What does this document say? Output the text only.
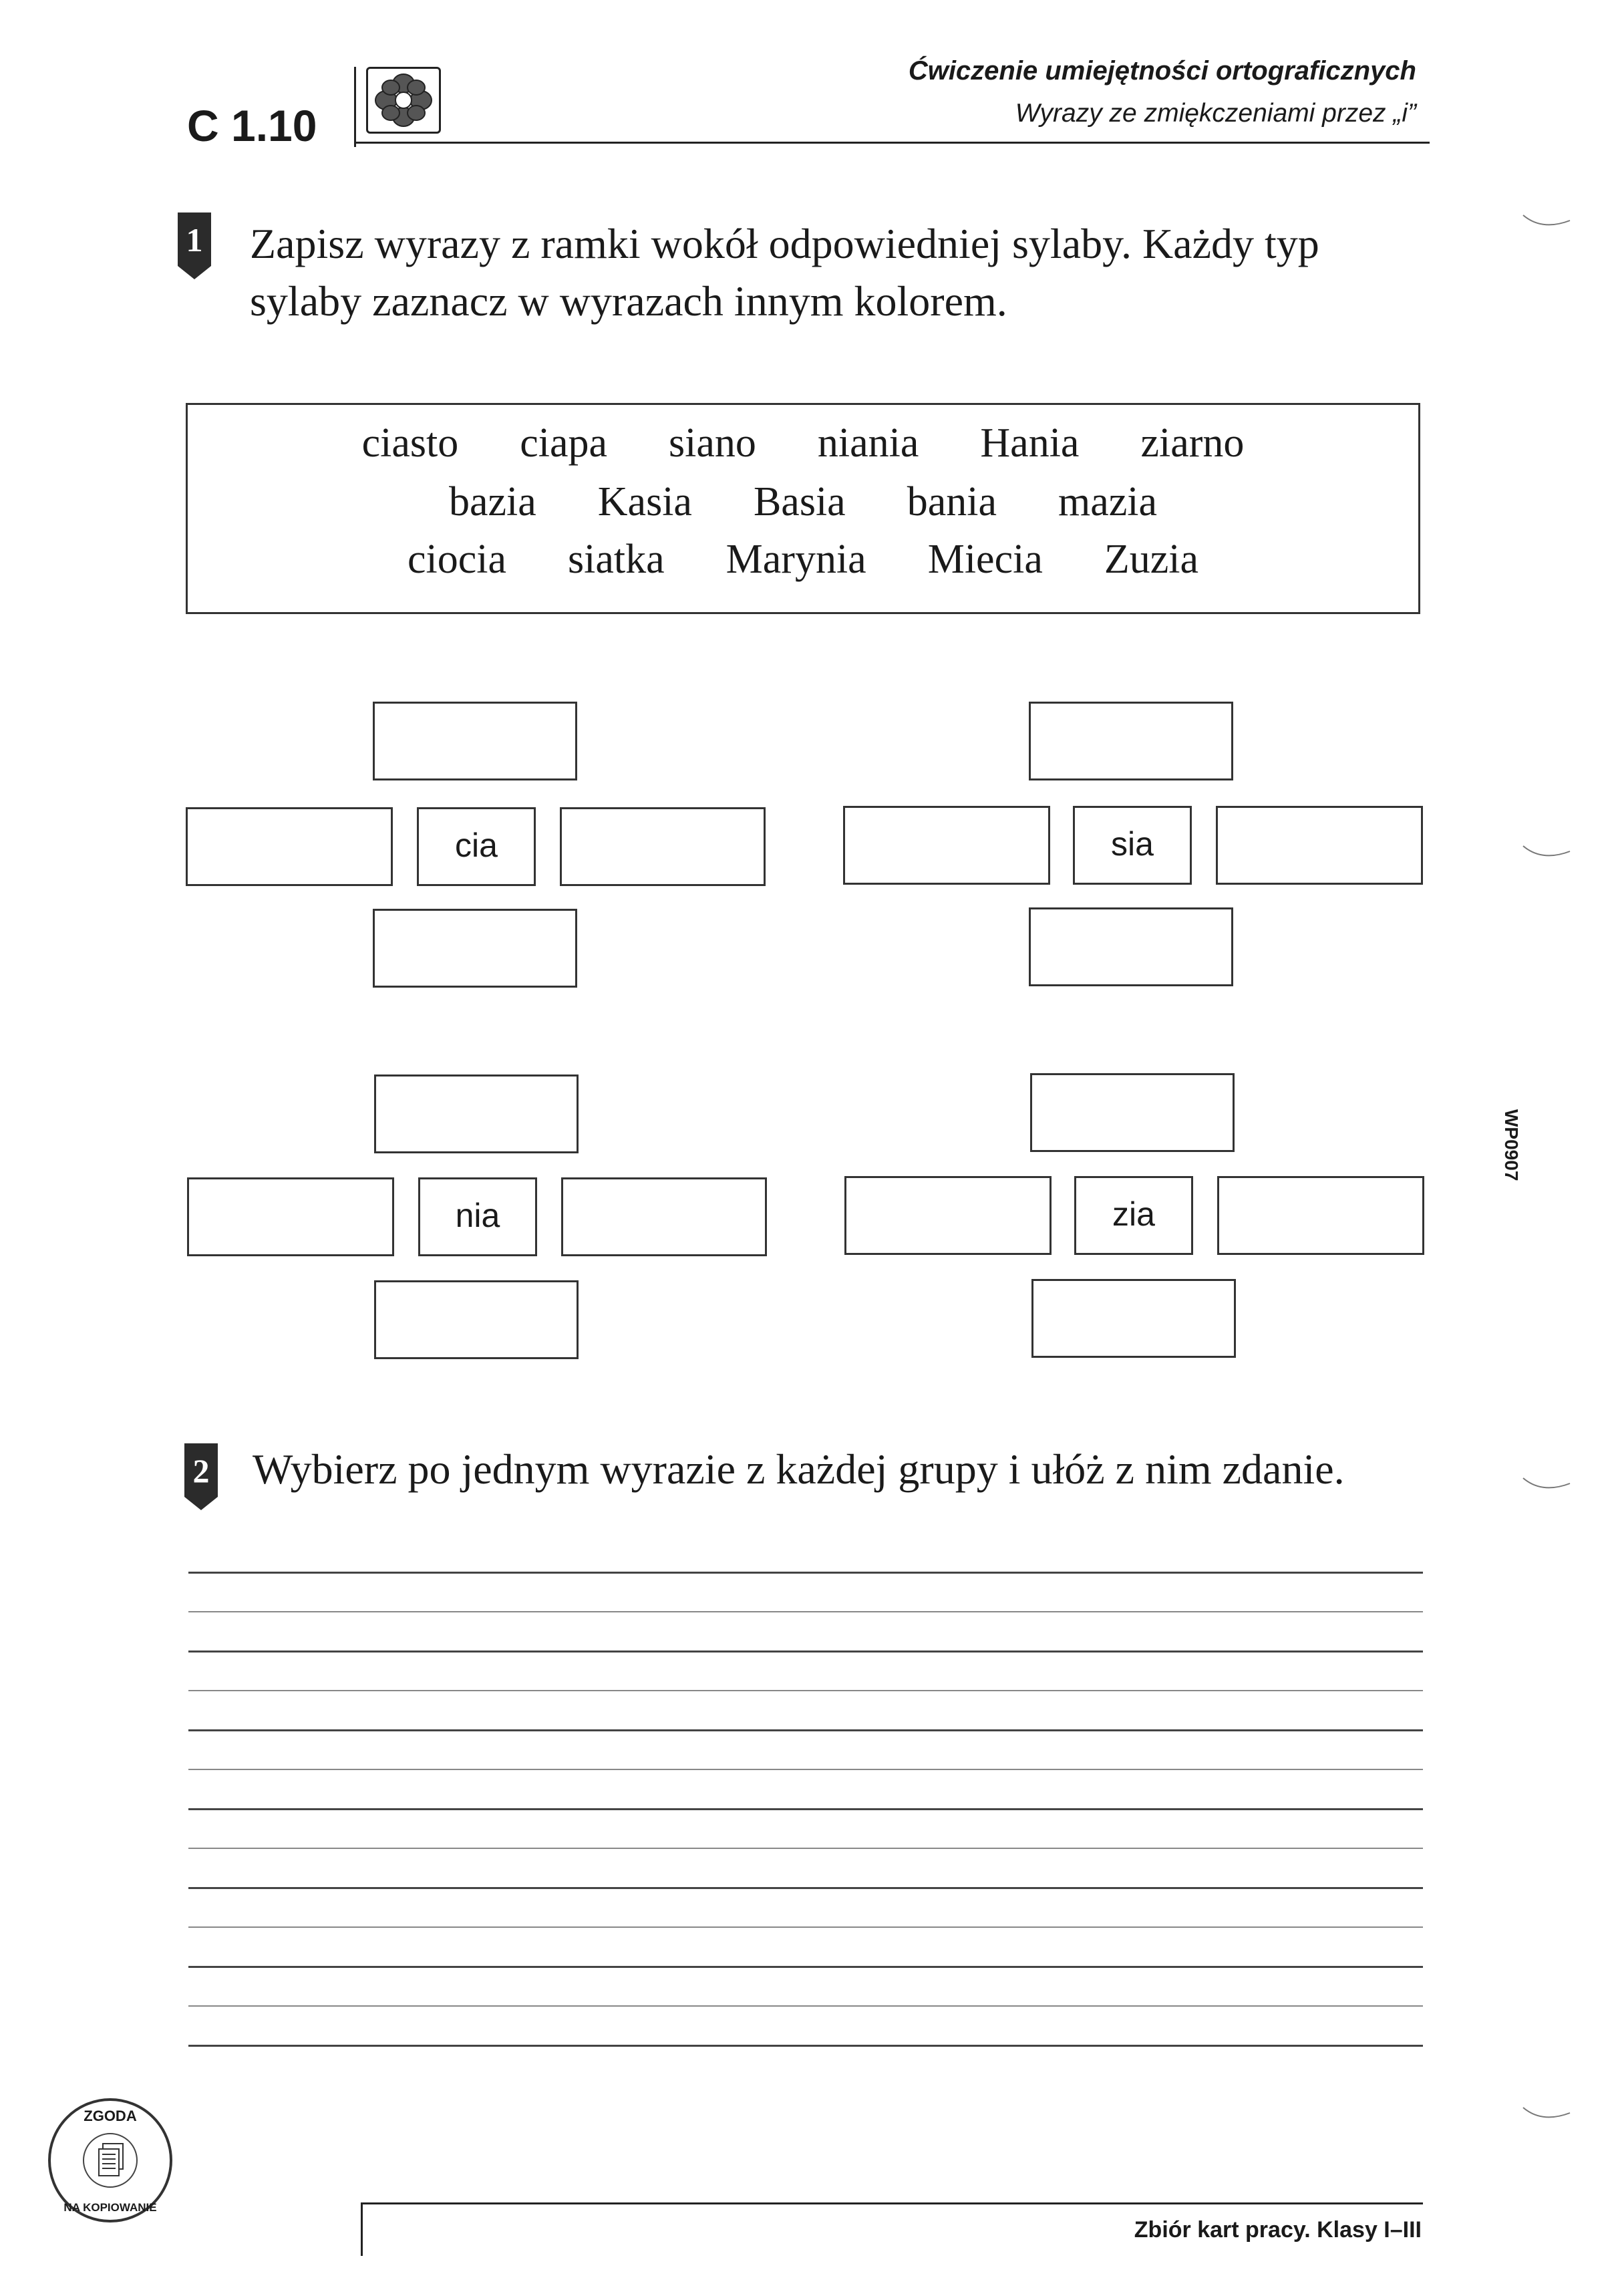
C 1.10
Ćwiczenie umiejętności ortograficznych
Wyrazy ze zmiękczeniami przez „i”
1 Zapisz wyrazy z ramki wokół odpowiedniej sylaby. Każdy typ
sylaby zaznacz w wyrazach innym kolorem.
ciasto ciapa siano niania Hania ziarno
bazia Kasia Basia bania mazia
ciocia siatka Marynia Miecia Zuzia
cia	sia
nia	zia
2 Wybierz po jednym wyrazie z każdej grupy i ułóż z nim zdanie.
WP0907
ZGODA
NA KOPIOWANIE
Zbiór kart pracy. Klasy I–III
